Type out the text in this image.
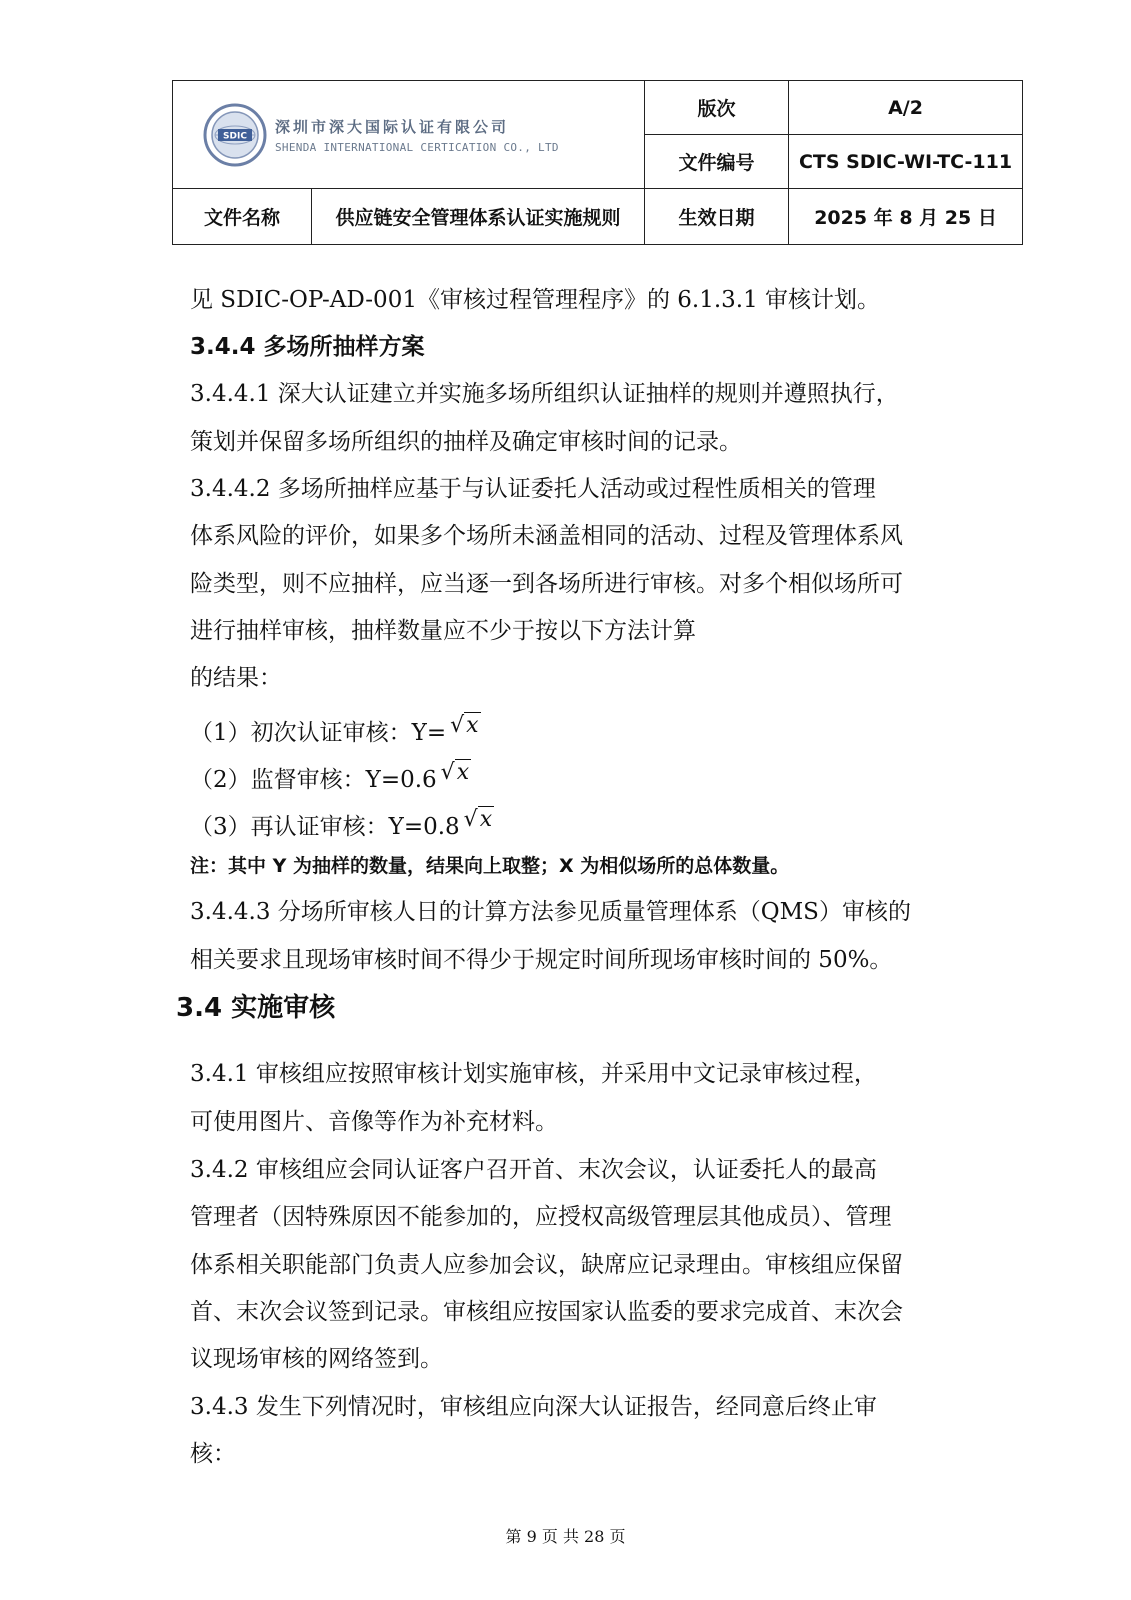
SDIC
深圳市深大国际认证有限公司
SHENDA INTERNATIONAL CERTICATION CO., LTD		版次	A/2
		文件编号	CTS SDIC-WI-TC-111
文件名称	供应链安全管理体系认证实施规则	生效日期	2025 年 8 月 25 日
见 SDIC-OP-AD-001《审核过程管理程序》的 6.1.3.1 审核计划。
3.4.4 多场所抽样方案
3.4.4.1 深大认证建立并实施多场所组织认证抽样的规则并遵照执行，
策划并保留多场所组织的抽样及确定审核时间的记录。
3.4.4.2 多场所抽样应基于与认证委托人活动或过程性质相关的管理
体系风险的评价，如果多个场所未涵盖相同的活动、过程及管理体系风
险类型，则不应抽样，应当逐一到各场所进行审核。对多个相似场所可
进行抽样审核，抽样数量应不少于按以下方法计算
的结果：
（1）初次认证审核：Y= √x
（2）监督审核：Y=0.6 √x
（3）再认证审核：Y=0.8 √x
注：其中 Y 为抽样的数量，结果向上取整；X 为相似场所的总体数量。
3.4.4.3 分场所审核人日的计算方法参见质量管理体系（QMS）审核的
相关要求且现场审核时间不得少于规定时间所现场审核时间的 50%。
3.4 实施审核
3.4.1 审核组应按照审核计划实施审核，并采用中文记录审核过程，
可使用图片、音像等作为补充材料。
3.4.2 审核组应会同认证客户召开首、末次会议，认证委托人的最高
管理者（因特殊原因不能参加的，应授权高级管理层其他成员）、管理
体系相关职能部门负责人应参加会议，缺席应记录理由。审核组应保留
首、末次会议签到记录。审核组应按国家认监委的要求完成首、末次会
议现场审核的网络签到。
3.4.3 发生下列情况时，审核组应向深大认证报告，经同意后终止审
核：
第 9 页 共 28 页
